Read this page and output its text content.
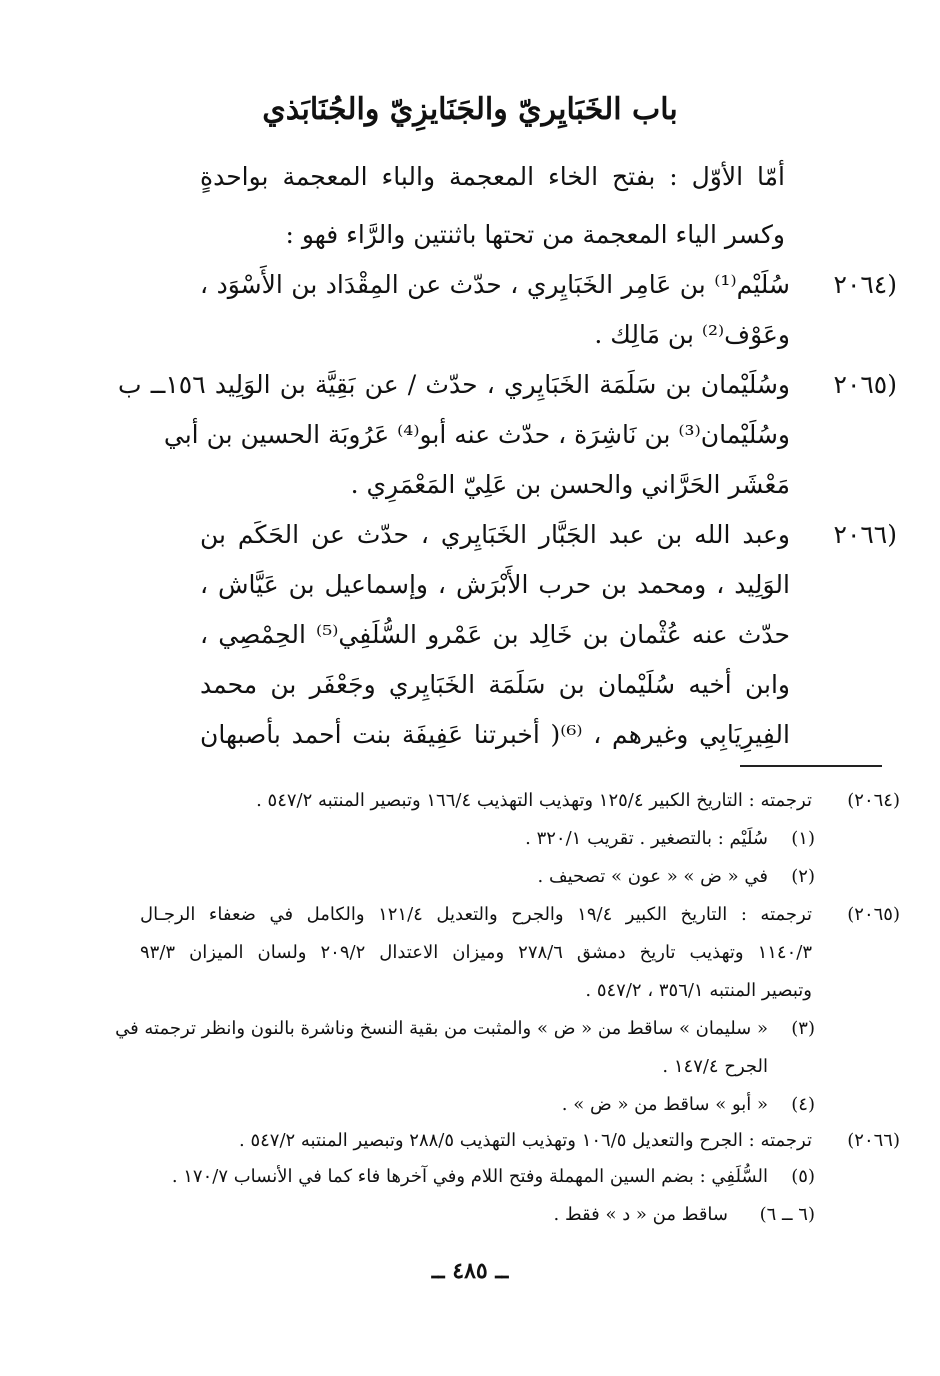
باب الخَبَايِريّ والجَنَايزِيّ والجُنَابَذي
أمّا الأوّل : بفتح الخاء المعجمة والباء المعجمة بواحدةٍ
وكسر الياء المعجمة من تحتها باثنتين والرَّاء فهو :
(٢٠٦٤
سُلَيْم⁽¹⁾ بن عَامِر الخَبَايِري ، حدّث عن المِقْدَاد بن الأَسْوَد ،
وعَوْف⁽²⁾ بن مَالِك .
(٢٠٦٥
وسُلَيْمان بن سَلَمَة الخَبَايِري ، حدّث / عن بَقِيَّة بن الوَلِيد ١٥٦ــ ب
وسُلَيْمان⁽³⁾ بن نَاشِرَة ، حدّث عنه أبو⁽⁴⁾ عَرُوبَة الحسين بن أبي
مَعْشَر الحَرَّاني والحسن بن عَلِيّ المَعْمَرِي .
(٢٠٦٦
وعبد الله بن عبد الجَبَّار الخَبَايِري ، حدّث عن الحَكَم بن
الوَلِيد ، ومحمد بن حرب الأَبْرَش ، وإسماعيل بن عَيَّاش ،
حدّث عنه عُثْمان بن خَالِد بن عَمْرو السُّلَفِي⁽⁵⁾ الحِمْصِي ،
وابن أخيه سُلَيْمان بن سَلَمَة الخَبَايِري وجَعْفَر بن محمد
الفِيرِيَابِي وغيرهم ، ⁽⁶⁾( أخبرتنا عَفِيفَة بنت أحمد بأصبهان
(٢٠٦٤)
ترجمته : التاريخ الكبير ١٢٥/٤ وتهذيب التهذيب ١٦٦/٤ وتبصير المنتبه ٥٤٧/٢ .
(١)
سُلَيْم : بالتصغير . تقريب ٣٢٠/١ .
(٢)
في « ض » « عون » تصحيف .
(٢٠٦٥)
ترجمته : التاريخ الكبير ١٩/٤ والجرح والتعديل ١٢١/٤ والكامل في ضعفاء الرجـال
١١٤٠/٣ وتهذيب تاريخ دمشق ٢٧٨/٦ وميزان الاعتدال ٢٠٩/٢ ولسان الميزان ٩٣/٣
وتبصير المنتبه ٣٥٦/١ ، ٥٤٧/٢ .
(٣)
« سليمان » ساقط من « ض » والمثبت من بقية النسخ وناشرة بالنون وانظر ترجمته في
الجرح ١٤٧/٤ .
(٤)
« أبو » ساقط من « ض » .
(٢٠٦٦)
ترجمته : الجرح والتعديل ١٠٦/٥ وتهذيب التهذيب ٢٨٨/٥ وتبصير المنتبه ٥٤٧/٢ .
(٥)
السُّلَفِي : بضم السين المهملة وفتح اللام وفي آخرها فاء كما في الأنساب ١٧٠/٧ .
(٦ ــ ٦)
ساقط من « د » فقط .
ــ ٤٨٥ ــ
